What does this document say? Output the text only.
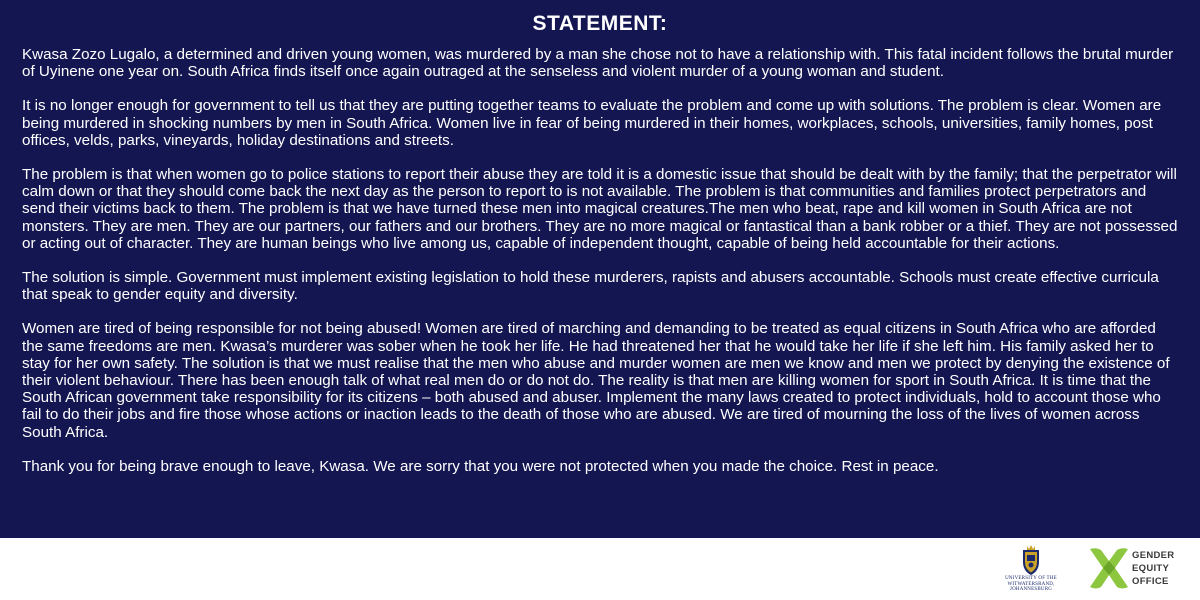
STATEMENT:

Kwasa Zozo Lugalo, a determined and driven young women, was murdered by a man she chose not to have a relationship with. This fatal incident follows the brutal murder of Uyinene one year on. South Africa finds itself once again outraged at the senseless and violent murder of a young woman and student.

It is no longer enough for government to tell us that they are putting together teams to evaluate the problem and come up with solutions. The problem is clear. Women are being murdered in shocking numbers by men in South Africa. Women live in fear of being murdered in their homes, workplaces, schools, universities, family homes, post offices, velds, parks, vineyards, holiday destinations and streets.

The problem is that when women go to police stations to report their abuse they are told it is a domestic issue that should be dealt with by the family; that the perpetrator will calm down or that they should come back the next day as the person to report to is not available. The problem is that communities and families protect perpetrators and send their victims back to them. The problem is that we have turned these men into magical creatures.The men who beat, rape and kill women in South Africa are not monsters. They are men. They are our partners, our fathers and our brothers. They are no more magical or fantastical than a bank robber or a thief. They are not possessed or acting out of character. They are human beings who live among us, capable of independent thought, capable of being held accountable for their actions.

The solution is simple. Government must implement existing legislation to hold these murderers, rapists and abusers accountable. Schools must create effective curricula that speak to gender equity and diversity.

Women are tired of being responsible for not being abused! Women are tired of marching and demanding to be treated as equal citizens in South Africa who are afforded the same freedoms are men. Kwasa’s murderer was sober when he took her life. He had threatened her that he would take her life if she left him. His family asked her to stay for her own safety. The solution is that we must realise that the men who abuse and murder women are men we know and men we protect by denying the existence of their violent behaviour. There has been enough talk of what real men do or do not do. The reality is that men are killing women for sport in South Africa. It is time that the South African government take responsibility for its citizens – both abused and abuser. Implement the many laws created to protect individuals, hold to account those who fail to do their jobs and fire those whose actions or inaction leads to the death of those who are abused. We are tired of mourning the loss of the lives of women across South Africa.

Thank you for being brave enough to leave, Kwasa. We are sorry that you were not protected when you made the choice. Rest in peace.

UNIVERSITY OF THE
WITWATERSRAND,
JOHANNESBURG
GENDER
EQUITY
OFFICE
